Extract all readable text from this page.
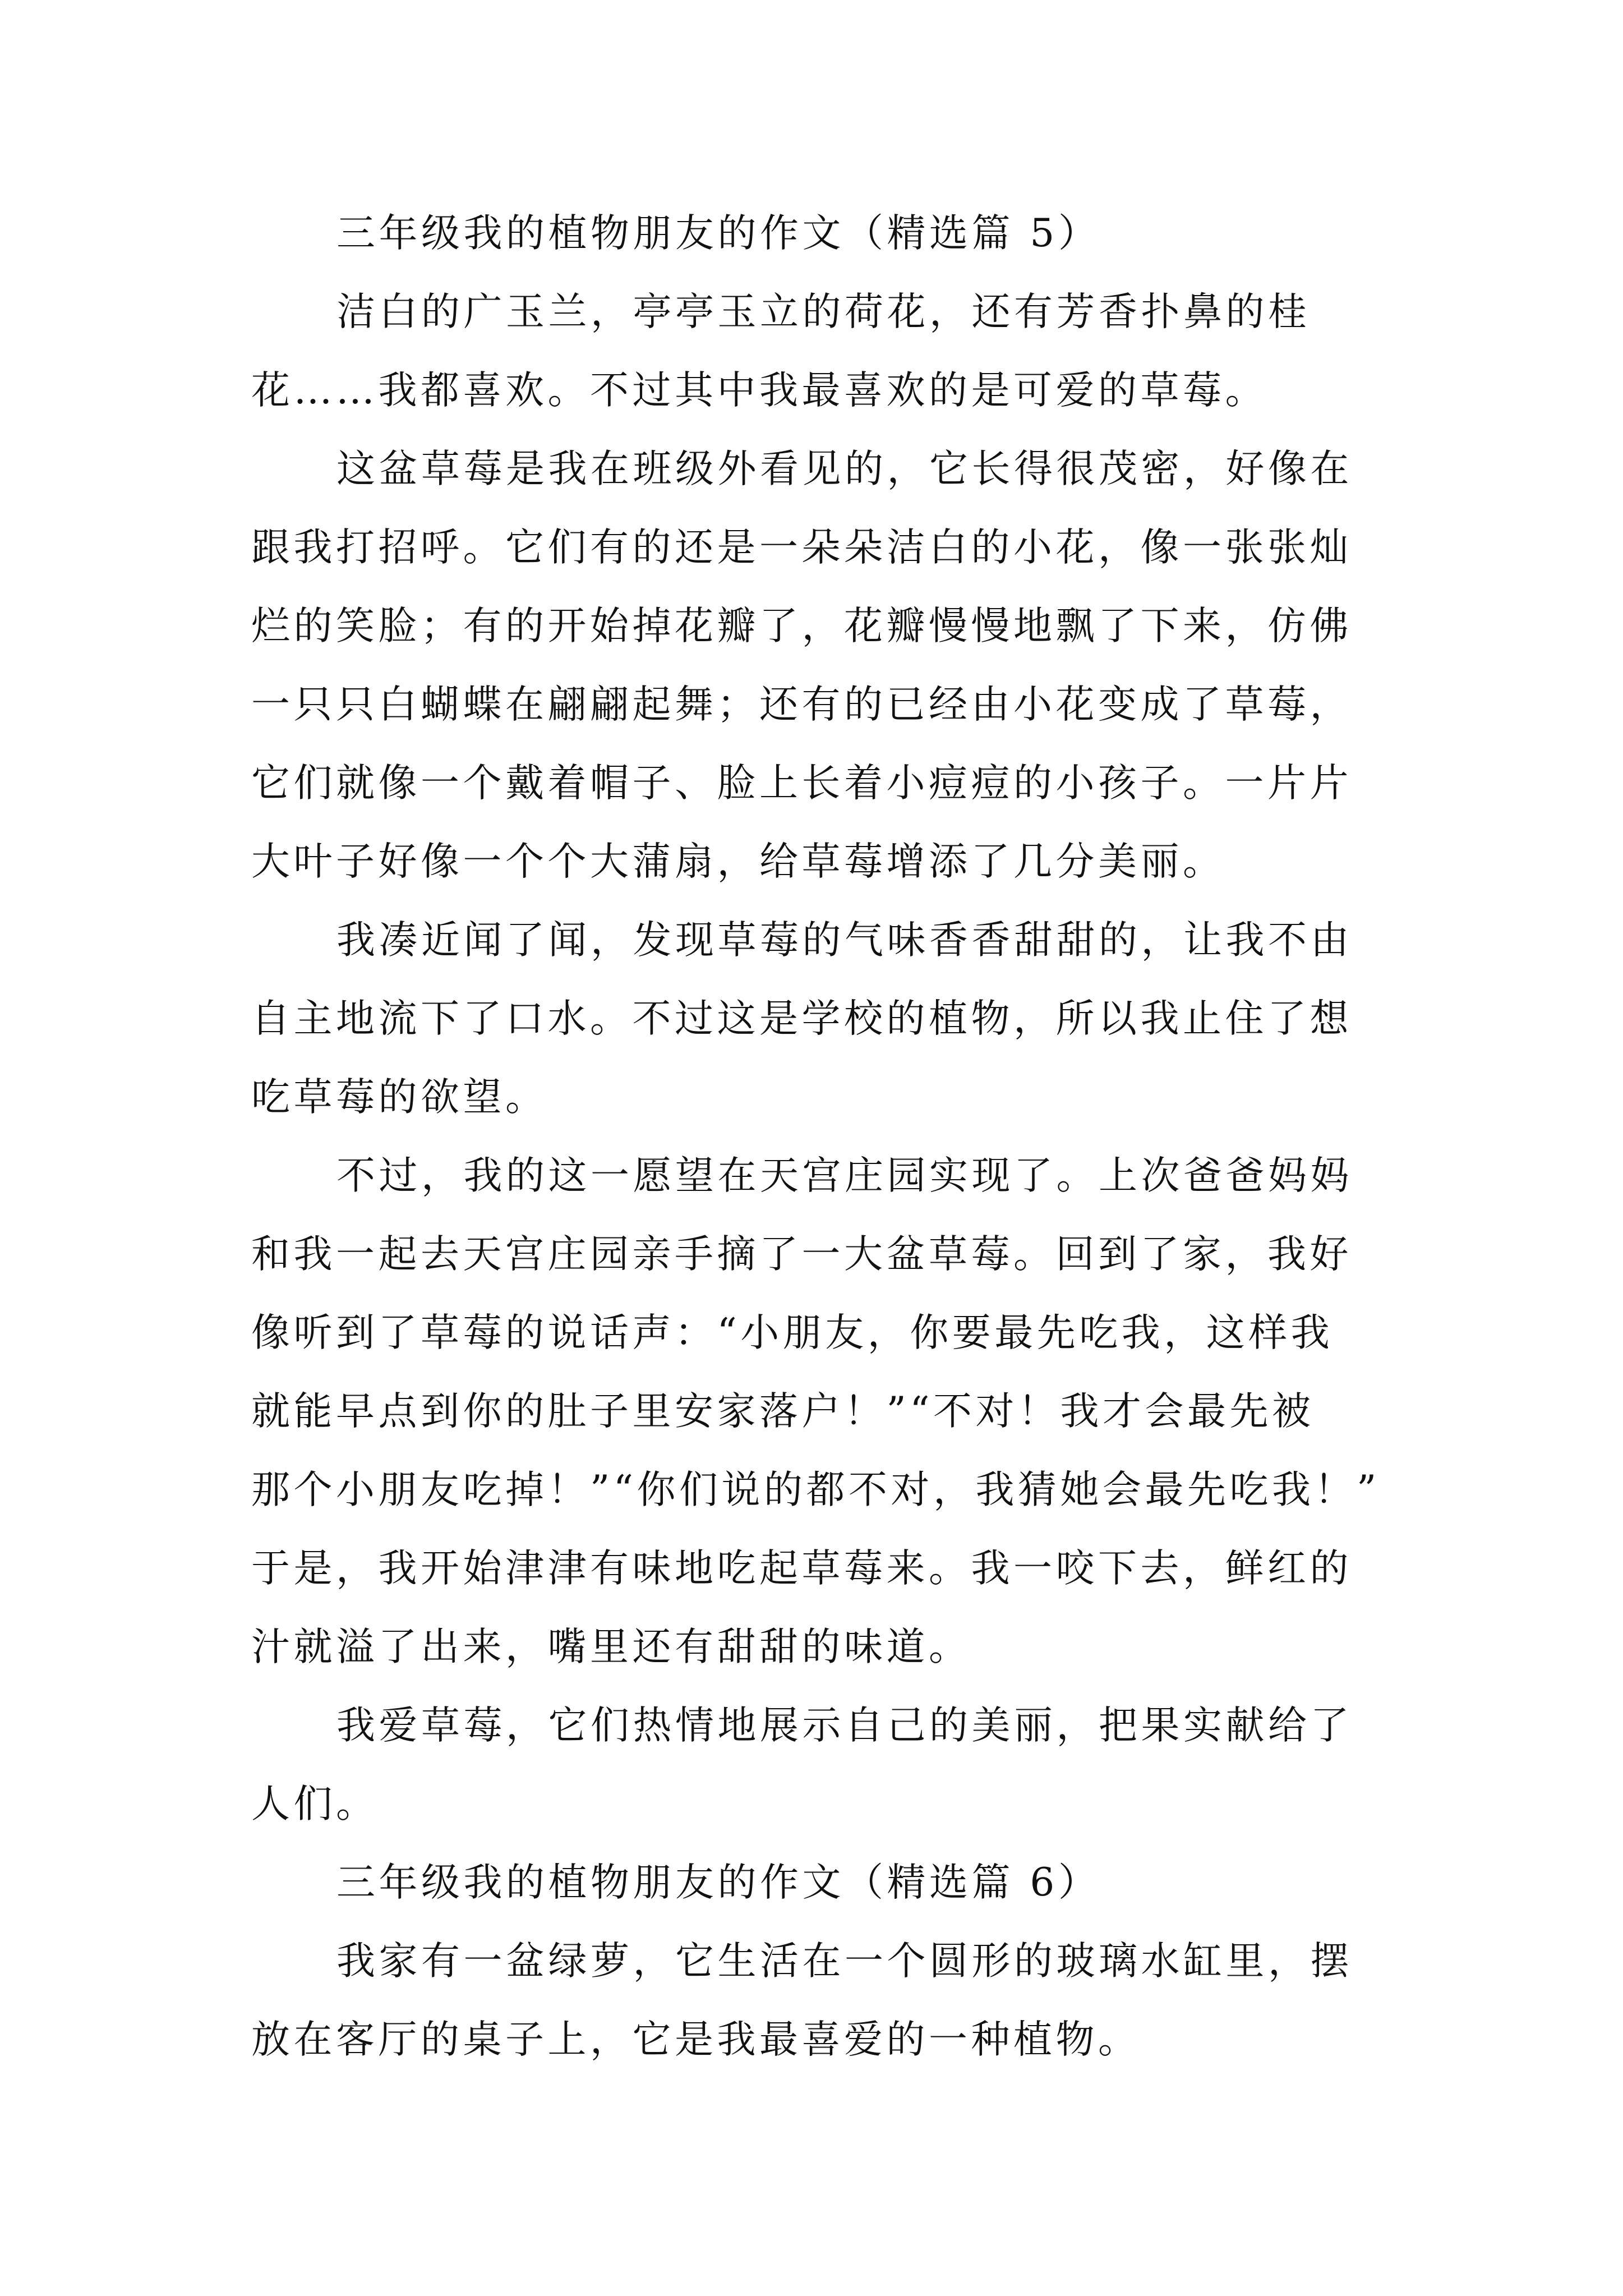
三年级我的植物朋友的作文（精选篇 5）
洁白的广玉兰，亭亭玉立的荷花，还有芳香扑鼻的桂
花……我都喜欢。不过其中我最喜欢的是可爱的草莓。
这盆草莓是我在班级外看见的，它长得很茂密，好像在
跟我打招呼。它们有的还是一朵朵洁白的小花，像一张张灿
烂的笑脸；有的开始掉花瓣了，花瓣慢慢地飘了下来，仿佛
一只只白蝴蝶在翩翩起舞；还有的已经由小花变成了草莓，
它们就像一个戴着帽子、脸上长着小痘痘的小孩子。一片片
大叶子好像一个个大蒲扇，给草莓增添了几分美丽。
我凑近闻了闻，发现草莓的气味香香甜甜的，让我不由
自主地流下了口水。不过这是学校的植物，所以我止住了想
吃草莓的欲望。
不过，我的这一愿望在天宫庄园实现了。上次爸爸妈妈
和我一起去天宫庄园亲手摘了一大盆草莓。回到了家，我好
像听到了草莓的说话声：“小朋友，你要最先吃我，这样我
就能早点到你的肚子里安家落户！”“不对！我才会最先被
那个小朋友吃掉！”“你们说的都不对，我猜她会最先吃我！”
于是，我开始津津有味地吃起草莓来。我一咬下去，鲜红的
汁就溢了出来，嘴里还有甜甜的味道。
我爱草莓，它们热情地展示自己的美丽，把果实献给了
人们。
三年级我的植物朋友的作文（精选篇 6）
我家有一盆绿萝，它生活在一个圆形的玻璃水缸里，摆
放在客厅的桌子上，它是我最喜爱的一种植物。
